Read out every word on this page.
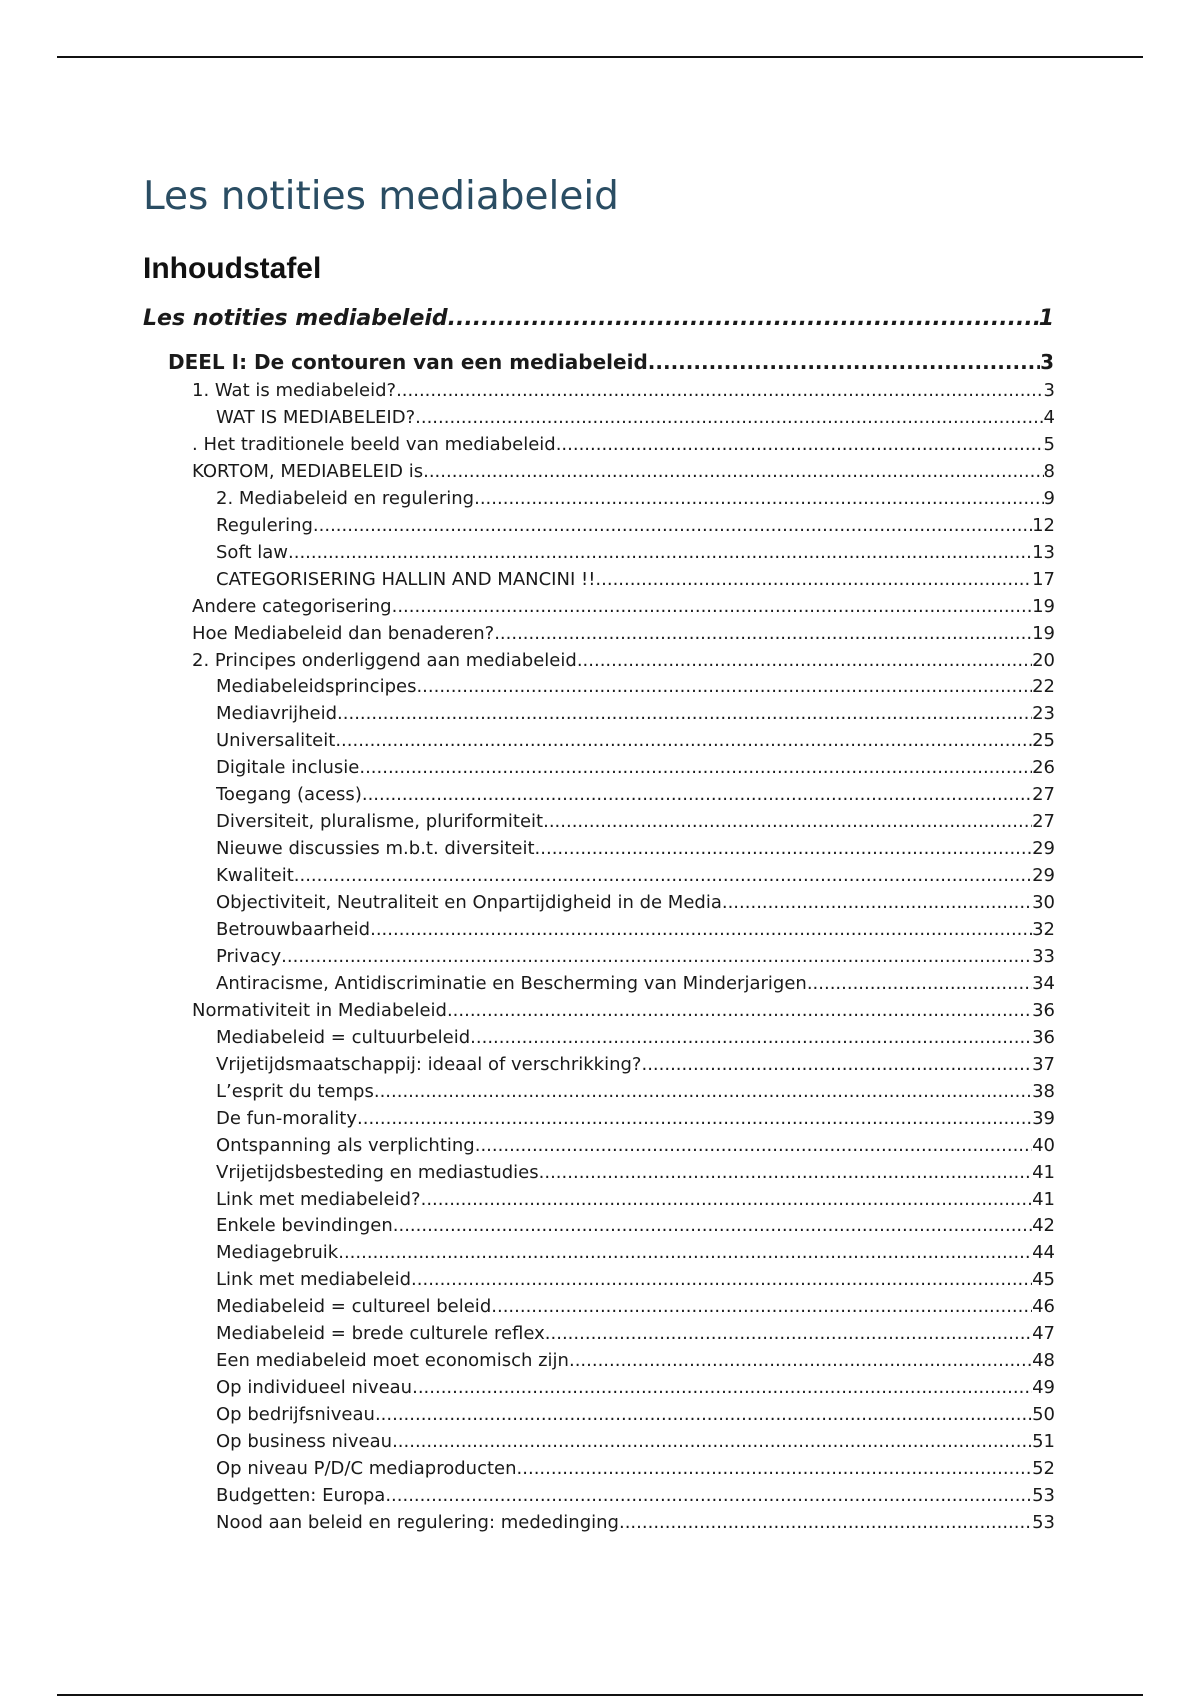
Les notities mediabeleid
Inhoudstafel
Les notities mediabeleid .....	1
DEEL I: De contouren van een mediabeleid .....	3
1. Wat is mediabeleid? .....	3
WAT IS MEDIABELEID? .....	4
. Het traditionele beeld van mediabeleid .....	5
KORTOM, MEDIABELEID is .....	8
2. Mediabeleid en regulering .....	9
Regulering .....	12
Soft law .....	13
CATEGORISERING HALLIN AND MANCINI !! .....	17
Andere categorisering .....	19
Hoe Mediabeleid dan benaderen? .....	19
2. Principes onderliggend aan mediabeleid .....	20
Mediabeleidsprincipes .....	22
Mediavrijheid .....	23
Universaliteit .....	25
Digitale inclusie .....	26
Toegang (acess) .....	27
Diversiteit, pluralisme, pluriformiteit .....	27
Nieuwe discussies m.b.t. diversiteit .....	29
Kwaliteit .....	29
Objectiviteit, Neutraliteit en Onpartijdigheid in de Media .....	30
Betrouwbaarheid .....	32
Privacy .....	33
Antiracisme, Antidiscriminatie en Bescherming van Minderjarigen .....	34
Normativiteit in Mediabeleid .....	36
Mediabeleid = cultuurbeleid .....	36
Vrijetijdsmaatschappij: ideaal of verschrikking? .....	37
L’esprit du temps .....	38
De fun-morality .....	39
Ontspanning als verplichting .....	40
Vrijetijdsbesteding en mediastudies .....	41
Link met mediabeleid? .....	41
Enkele bevindingen .....	42
Mediagebruik .....	44
Link met mediabeleid .....	45
Mediabeleid = cultureel beleid .....	46
Mediabeleid = brede culturele reflex .....	47
Een mediabeleid moet economisch zijn .....	48
Op individueel niveau .....	49
Op bedrijfsniveau .....	50
Op business niveau .....	51
Op niveau P/D/C mediaproducten .....	52
Budgetten: Europa .....	53
Nood aan beleid en regulering: mededinging .....	53
